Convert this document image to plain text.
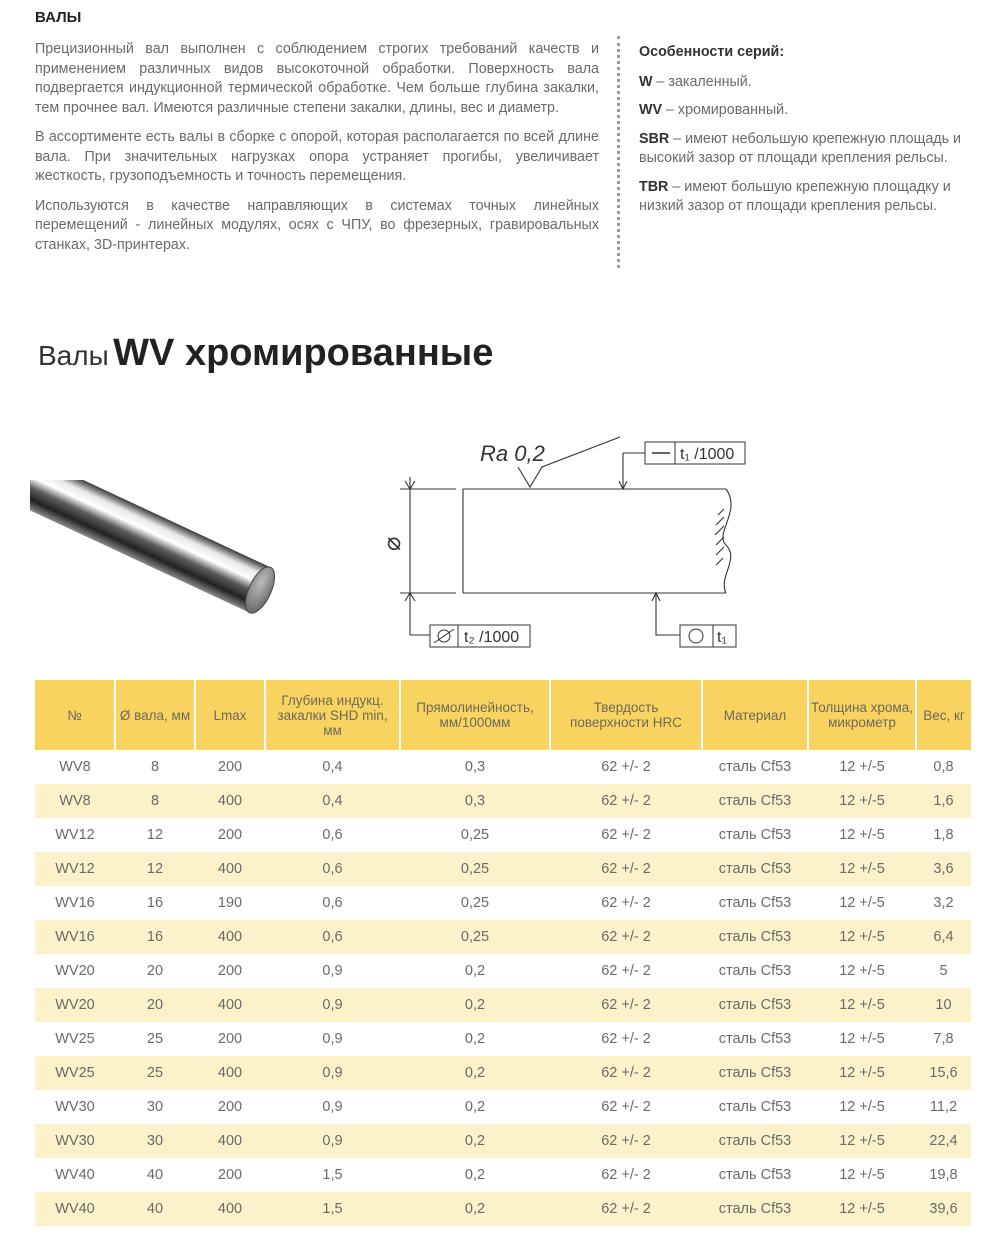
ВАЛЫ

Прецизионный вал выполнен с соблюдением строгих требований качеств и применением различных видов высокоточной обработки. Поверхность вала подвергается индукционной термической обработке. Чем больше глубина закалки, тем прочнее вал. Имеются различные степени закалки, длины, вес и диаметр.

В ассортименте есть валы в сборке с опорой, которая располагается по всей длине вала. При значительных нагрузках опора устраняет прогибы, увеличивает жесткость, грузоподъемность и точность перемещения.

Используются в качестве направляющих в системах точных линейных перемещений - линейных модулях, осях с ЧПУ, во фрезерных, гравировальных станках, 3D-принтерах.

Особенности серий:
W – закаленный.
WV – хромированный.
SBR – имеют небольшую крепежную площадь и высокий зазор от площади крепления рельсы.
TBR – имеют большую крепежную площадку и низкий зазор от площади крепления рельсы.
Валы WV хромированные
Ra 0,2	t₁ /1000
⌀
t₂ /1000	t₁
№	Ø вала, мм	Lmax	Глубина индукц. закалки SHD min, мм	Прямолинейность, мм/1000мм	Твердость поверхности HRC	Материал	Толщина хрома, микрометр	Вес, кг
WV8	8	200	0,4	0,3	62 +/- 2	сталь Cf53	12 +/-5	0,8
WV8	8	400	0,4	0,3	62 +/- 2	сталь Cf53	12 +/-5	1,6
WV12	12	200	0,6	0,25	62 +/- 2	сталь Cf53	12 +/-5	1,8
WV12	12	400	0,6	0,25	62 +/- 2	сталь Cf53	12 +/-5	3,6
WV16	16	190	0,6	0,25	62 +/- 2	сталь Cf53	12 +/-5	3,2
WV16	16	400	0,6	0,25	62 +/- 2	сталь Cf53	12 +/-5	6,4
WV20	20	200	0,9	0,2	62 +/- 2	сталь Cf53	12 +/-5	5
WV20	20	400	0,9	0,2	62 +/- 2	сталь Cf53	12 +/-5	10
WV25	25	200	0,9	0,2	62 +/- 2	сталь Cf53	12 +/-5	7,8
WV25	25	400	0,9	0,2	62 +/- 2	сталь Cf53	12 +/-5	15,6
WV30	30	200	0,9	0,2	62 +/- 2	сталь Cf53	12 +/-5	11,2
WV30	30	400	0,9	0,2	62 +/- 2	сталь Cf53	12 +/-5	22,4
WV40	40	200	1,5	0,2	62 +/- 2	сталь Cf53	12 +/-5	19,8
WV40	40	400	1,5	0,2	62 +/- 2	сталь Cf53	12 +/-5	39,6
